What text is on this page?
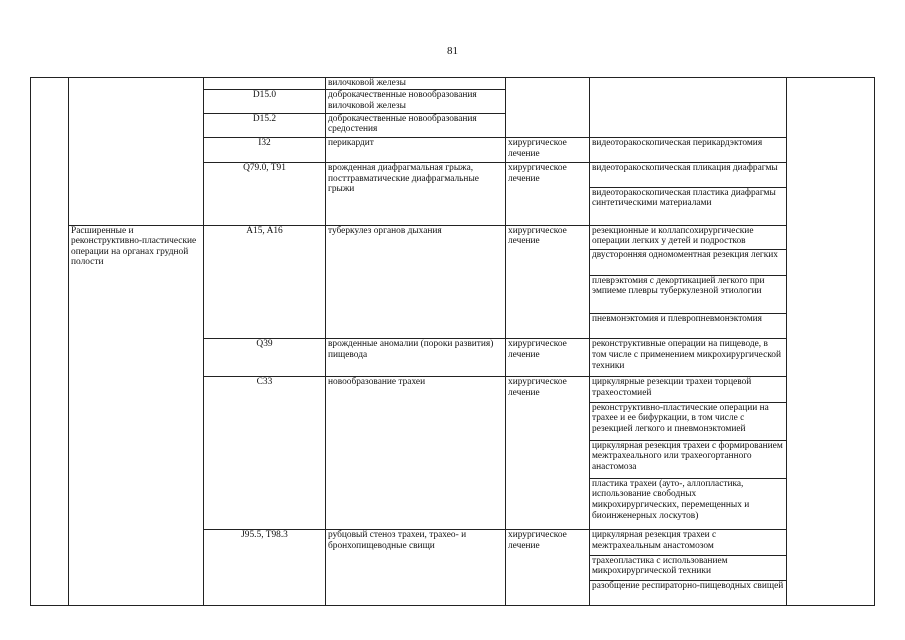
81
			вилочковой железы			
		D15.0	доброкачественные новообразования вилочковой железы			
		D15.2	доброкачественные новообразования средостения			
		I32	перикардит	хирургическое лечение	видеоторакоскопическая перикардэктомия	
		Q79.0, T91	врожденная диафрагмальная грыжа, посттравматические диафрагмальные грыжи	хирургическое лечение	видеоторакоскопическая пликация диафрагмы	
					видеоторакоскопическая пластика диафрагмы синтетическими материалами	
	Расширенные и реконструктивно-пластические операции на органах грудной полости	A15, A16	туберкулез органов дыхания	хирургическое лечение	резекционные и коллапсохирургические операции легких у детей и подростков	
					двусторонняя одномоментная резекция легких	
					плеврэктомия с декортикацией легкого при эмпиеме плевры туберкулезной этиологии	
					пневмонэктомия и плевропневмонэктомия	
		Q39	врожденные аномалии (пороки развития) пищевода	хирургическое лечение	реконструктивные операции на пищеводе, в том числе с применением микрохирургической техники	
		C33	новообразование трахеи	хирургическое лечение	циркулярные резекции трахеи торцевой трахеостомией	
					реконструктивно-пластические операции на трахее и ее бифуркации, в том числе с резекцией легкого и пневмонэктомией	
					циркулярная резекция трахеи с формированием межтрахеального или трахеогортанного анастомоза	
					пластика трахеи (ауто-, аллопластика, использование свободных микрохирургических, перемещенных и биоинженерных лоскутов)	
		J95.5, T98.3	рубцовый стеноз трахеи, трахео- и бронхопищеводные свищи	хирургическое лечение	циркулярная резекция трахеи с межтрахеальным анастомозом	
					трахеопластика с использованием микрохирургической техники	
					разобщение респираторно-пищеводных свищей	
